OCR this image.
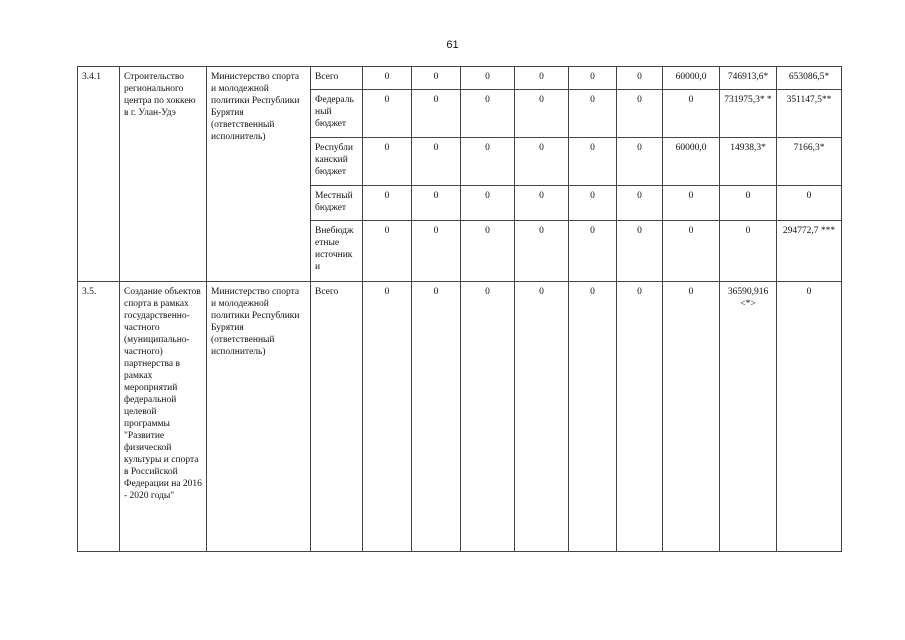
61
3.4.1	Строительство регионального центра по хоккею в г. Улан-Удэ	Министерство спорта и молодежной политики Республики Бурятия (ответственный исполнитель)	Всего	0	0	0	0	0	0	60000,0	746913,6*	653086,5*
			Федераль ный бюджет	0	0	0	0	0	0	0	731975,3* *	351147,5**
			Республи канский бюджет	0	0	0	0	0	0	60000,0	14938,3*	7166,3*
			Местный бюджет	0	0	0	0	0	0	0	0	0
			Внебюдж етные источник и	0	0	0	0	0	0	0	0	294772,7 ***
3.5.	Создание объектов спорта в рамках государственно- частного (муниципально- частного) партнерства в рамках мероприятий федеральной целевой программы "Развитие физической культуры и спорта в Российской Федерации на 2016 - 2020 годы"	Министерство спорта и молодежной политики Республики Бурятия (ответственный исполнитель)	Всего	0	0	0	0	0	0	0	36590,916 <*>	0
